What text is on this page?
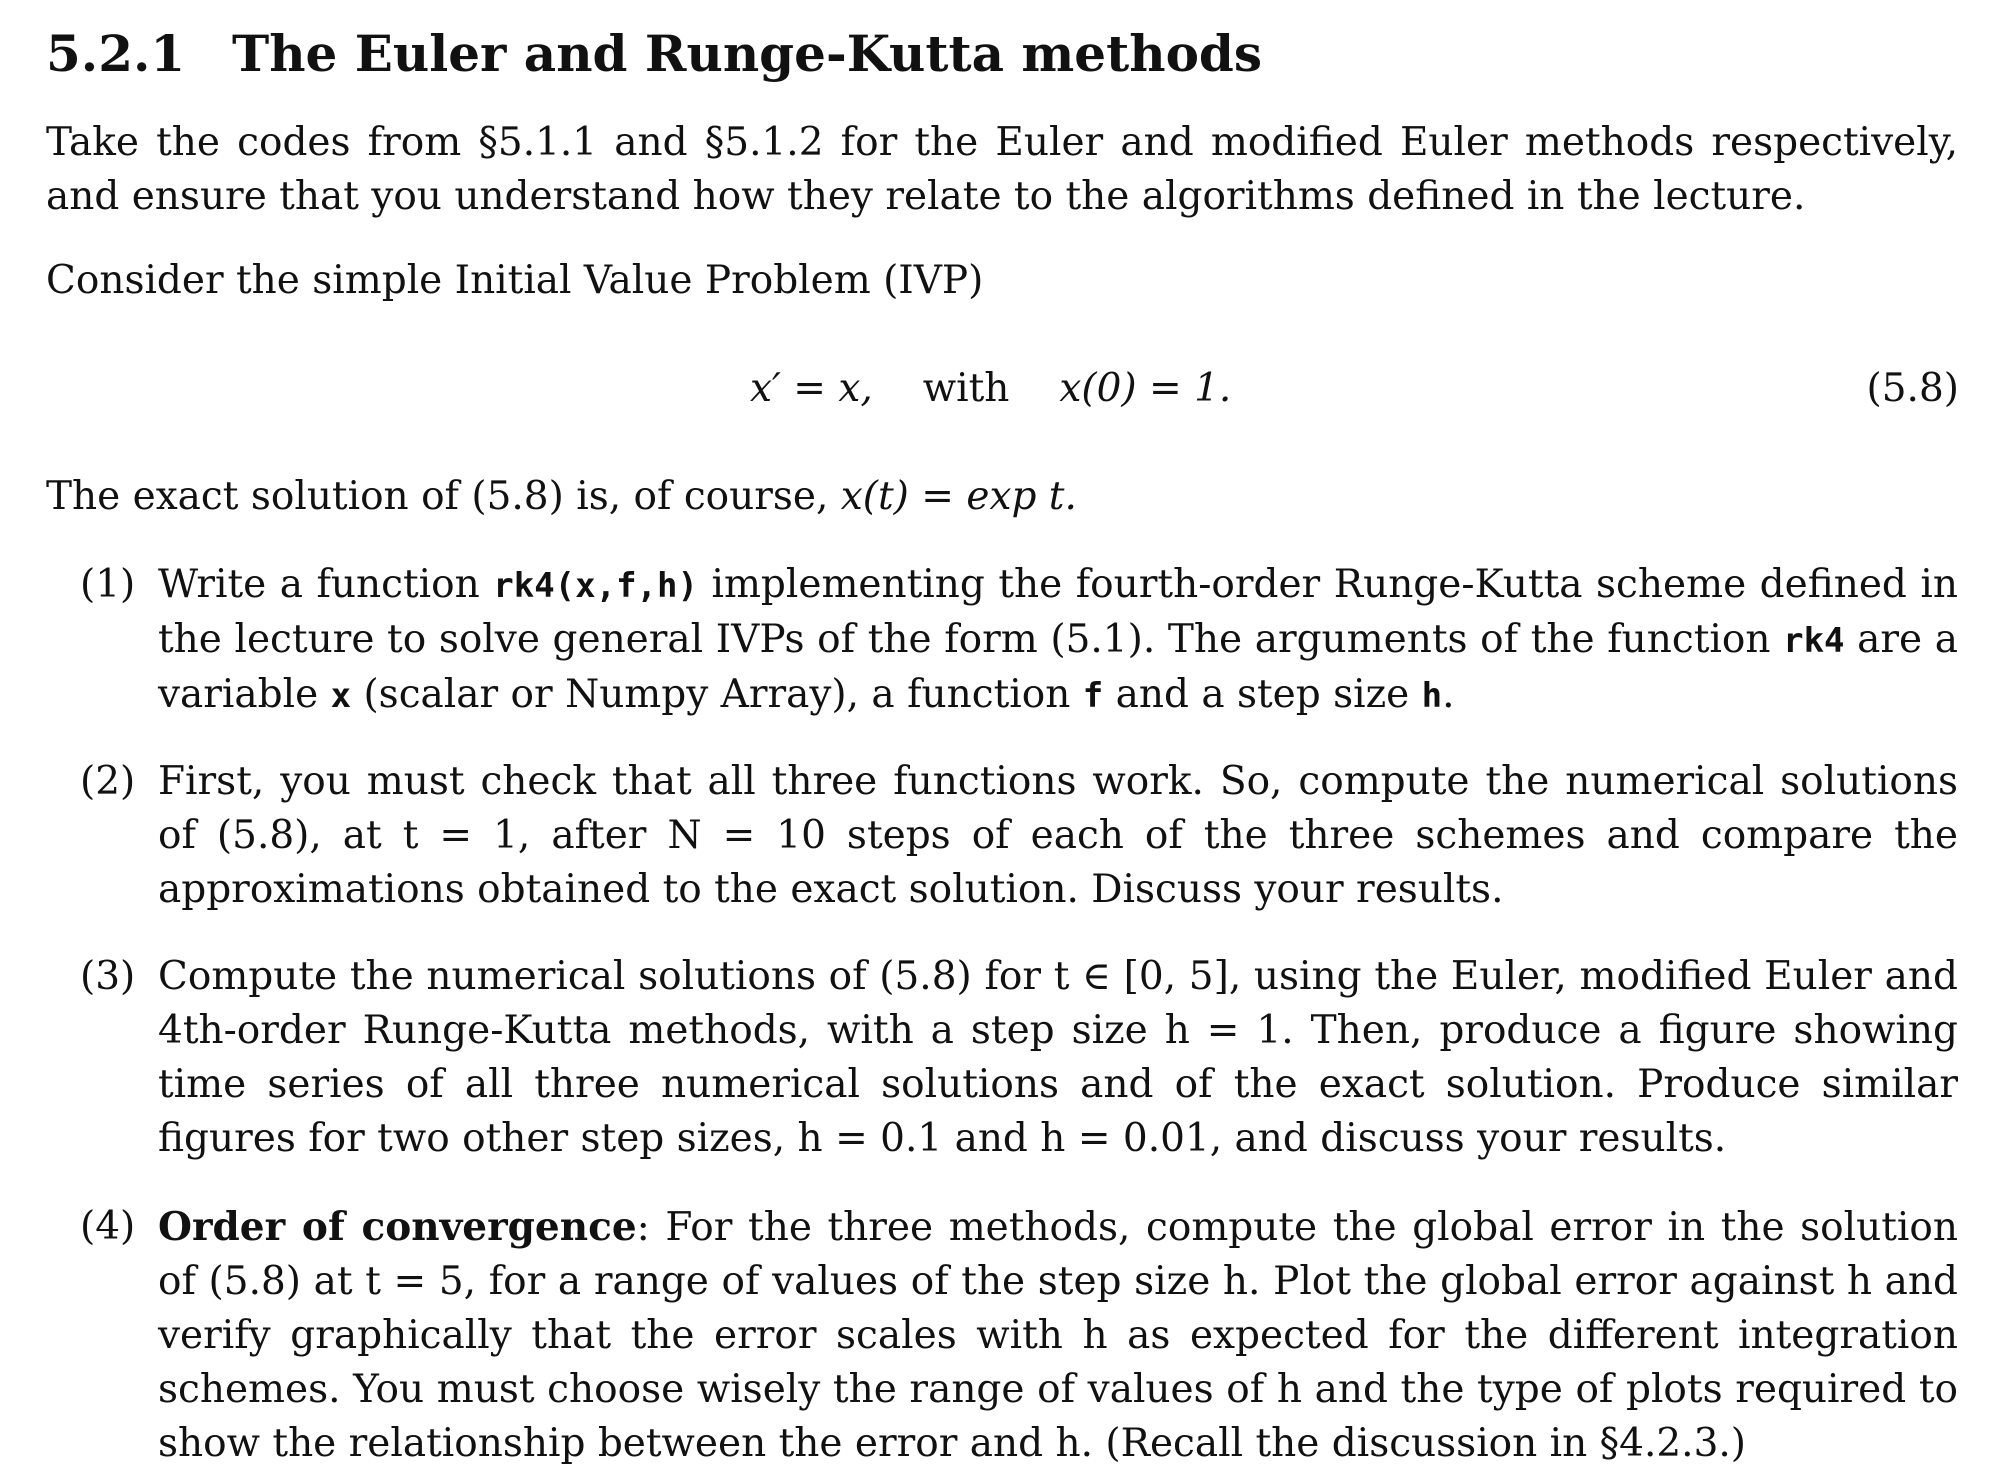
5.2.1 The Euler and Runge-Kutta methods
Take the codes from §5.1.1 and §5.1.2 for the Euler and modified Euler methods respectively, and ensure that you understand how they relate to the algorithms defined in the lecture.
Consider the simple Initial Value Problem (IVP)
x′ = x, with x(0) = 1.	(5.8)
The exact solution of (5.8) is, of course, x(t) = exp t.
(1) Write a function rk4(x,f,h) implementing the fourth-order Runge-Kutta scheme defined in the lecture to solve general IVPs of the form (5.1). The arguments of the function rk4 are a variable x (scalar or Numpy Array), a function f and a step size h.
(2) First, you must check that all three functions work. So, compute the numerical solutions of (5.8), at t = 1, after N = 10 steps of each of the three schemes and compare the approximations obtained to the exact solution. Discuss your results.
(3) Compute the numerical solutions of (5.8) for t ∈ [0, 5], using the Euler, modified Euler and 4th-order Runge-Kutta methods, with a step size h = 1. Then, produce a figure showing time series of all three numerical solutions and of the exact solution. Produce similar figures for two other step sizes, h = 0.1 and h = 0.01, and discuss your results.
(4) Order of convergence: For the three methods, compute the global error in the solution of (5.8) at t = 5, for a range of values of the step size h. Plot the global error against h and verify graphically that the error scales with h as expected for the different integration schemes. You must choose wisely the range of values of h and the type of plots required to show the relationship between the error and h. (Recall the discussion in §4.2.3.)
